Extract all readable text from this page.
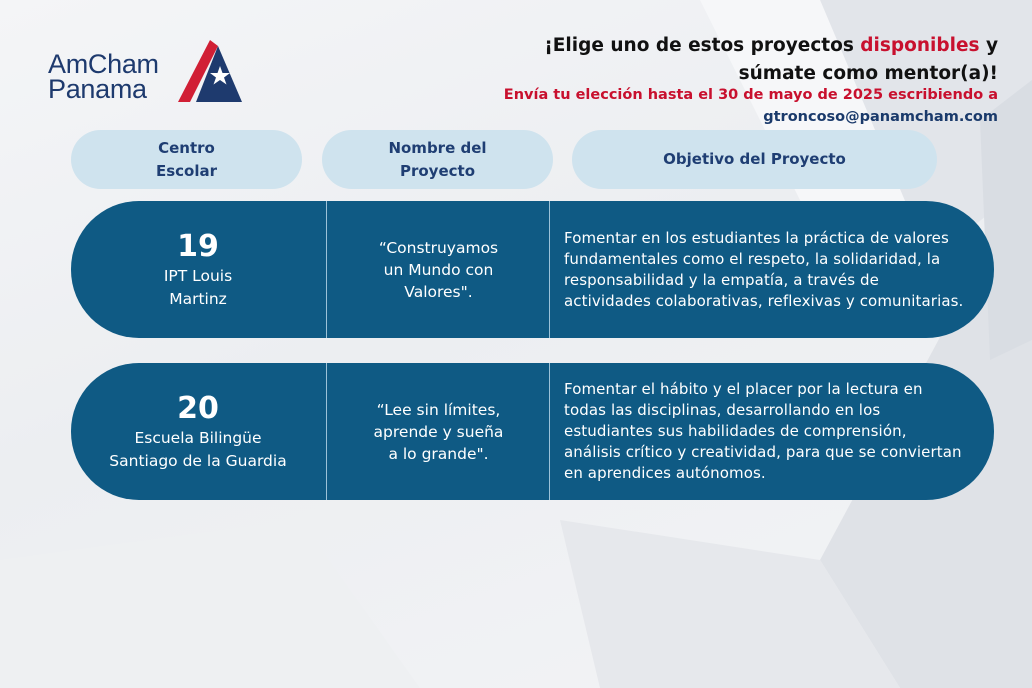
AmCham
Panama
¡Elige uno de estos proyectos disponibles y
súmate como mentor(a)!
Envía tu elección hasta el 30 de mayo de 2025 escribiendo a
gtroncoso@panamcham.com
Centro
Escolar
Nombre del
Proyecto
Objetivo del Proyecto
19
IPT Louis
Martinz
“Construyamos
un Mundo con
Valores".
Fomentar en los estudiantes la práctica de valores fundamentales como el respeto, la solidaridad, la responsabilidad y la empatía, a través de actividades colaborativas, reflexivas y comunitarias.
20
Escuela Bilingüe
Santiago de la Guardia
“Lee sin límites,
aprende y sueña
a lo grande".
Fomentar el hábito y el placer por la lectura en todas las disciplinas, desarrollando en los estudiantes sus habilidades de comprensión, análisis crítico y creatividad, para que se conviertan en aprendices autónomos.
